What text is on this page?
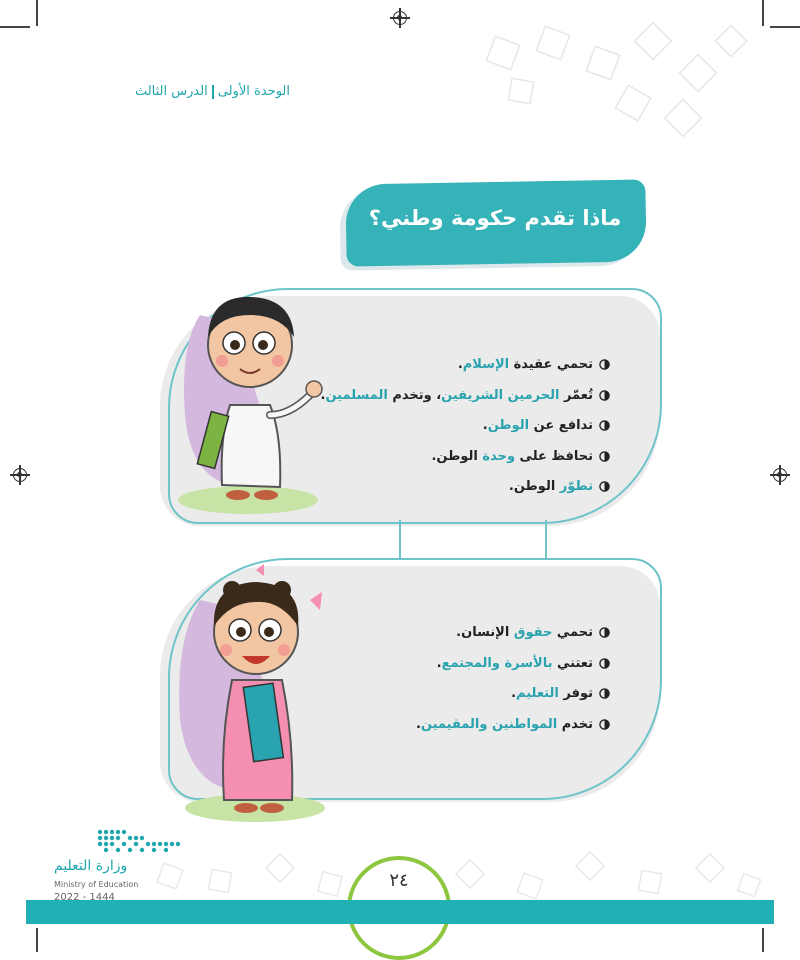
الوحدة الأولىالدرس الثالث
ماذا تقدم حكومة وطني؟
تحمي عقيدة الإسلام.
تُعمّر الحرمين الشريفين، وتخدم المسلمين.
تدافع عن الوطن.
تحافظ على وحدة الوطن.
تطوّر الوطن.
تحمي حقوق الإنسان.
تعتني بالأسرة والمجتمع.
توفر التعليم.
تخدم المواطنين والمقيمين.
٢٤
وزارة التعليم
Ministry of Education
2022 - 1444
